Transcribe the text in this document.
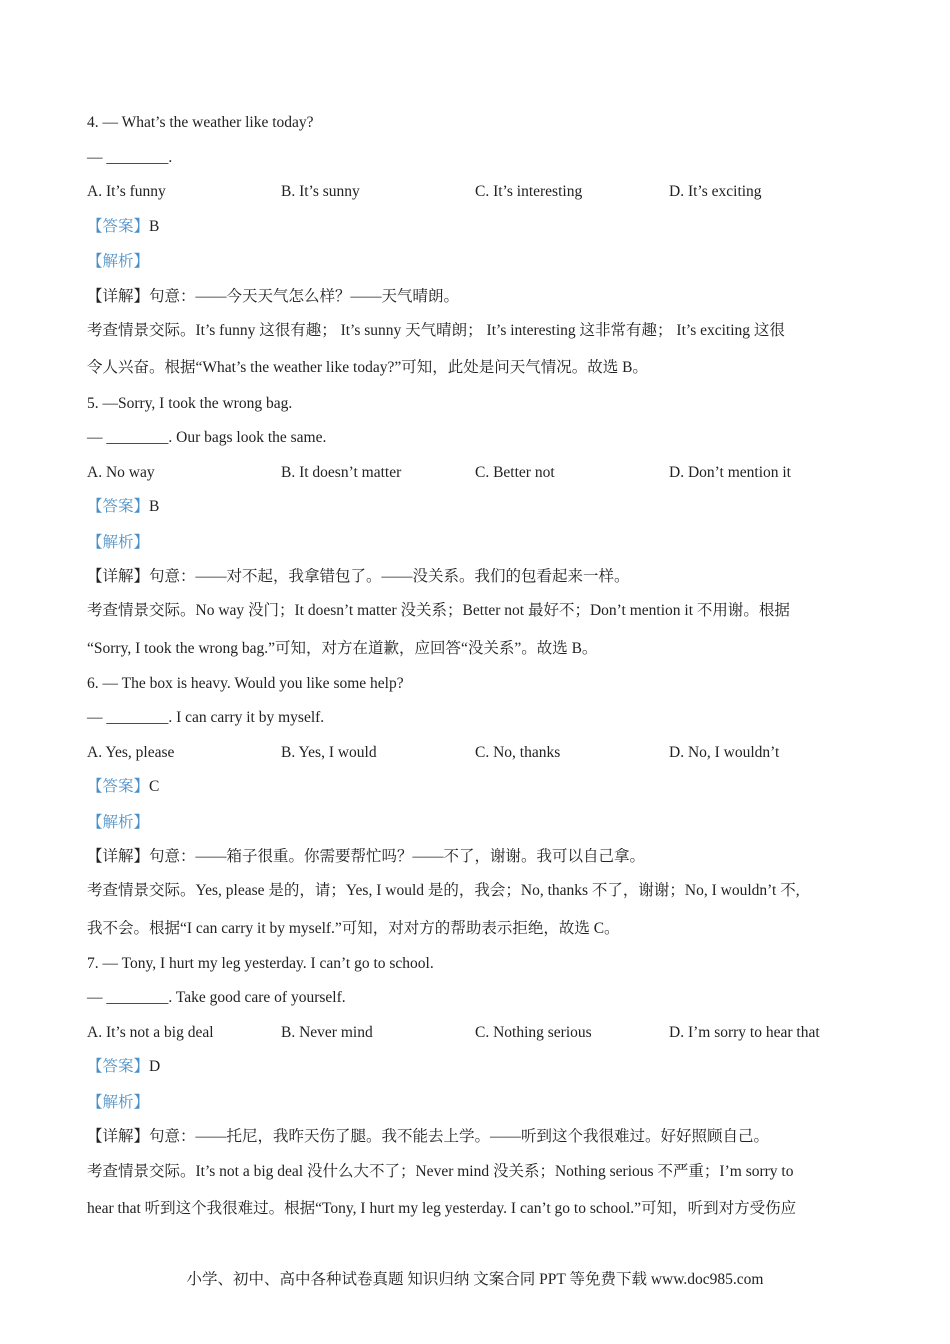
4. — What’s the weather like today?
— ________.
A. It’s funny	B. It’s sunny	C. It’s interesting	D. It’s exciting
【答案】B
【解析】
【详解】句意：——今天天气怎么样？——天气晴朗。
考查情景交际。It’s funny 这很有趣； It’s sunny 天气晴朗； It’s interesting 这非常有趣； It’s exciting 这很
令人兴奋。根据“What’s the weather like today?”可知，此处是问天气情况。故选 B。
5. —Sorry, I took the wrong bag.
— ________. Our bags look the same.
A. No way	B. It doesn’t matter	C. Better not	D. Don’t mention it
【答案】B
【解析】
【详解】句意：——对不起，我拿错包了。——没关系。我们的包看起来一样。
考查情景交际。No way 没门；It doesn’t matter 没关系；Better not 最好不；Don’t mention it 不用谢。根据
“Sorry, I took the wrong bag.”可知，对方在道歉，应回答“没关系”。故选 B。
6. — The box is heavy. Would you like some help?
— ________. I can carry it by myself.
A. Yes, please	B. Yes, I would	C. No, thanks	D. No, I wouldn’t
【答案】C
【解析】
【详解】句意：——箱子很重。你需要帮忙吗？——不了，谢谢。我可以自己拿。
考查情景交际。Yes, please 是的，请；Yes, I would 是的，我会；No, thanks 不了，谢谢；No, I wouldn’t 不,
我不会。根据“I can carry it by myself.”可知，对对方的帮助表示拒绝，故选 C。
7. — Tony, I hurt my leg yesterday. I can’t go to school.
— ________. Take good care of yourself.
A. It’s not a big deal	B. Never mind	C. Nothing serious	D. I’m sorry to hear that
【答案】D
【解析】
【详解】句意：——托尼，我昨天伤了腿。我不能去上学。——听到这个我很难过。好好照顾自己。
考查情景交际。It’s not a big deal 没什么大不了；Never mind 没关系；Nothing serious 不严重；I’m sorry to
hear that 听到这个我很难过。根据“Tony, I hurt my leg yesterday. I can’t go to school.”可知，听到对方受伤应
小学、初中、高中各种试卷真题 知识归纳 文案合同 PPT 等免费下载 www.doc985.com
